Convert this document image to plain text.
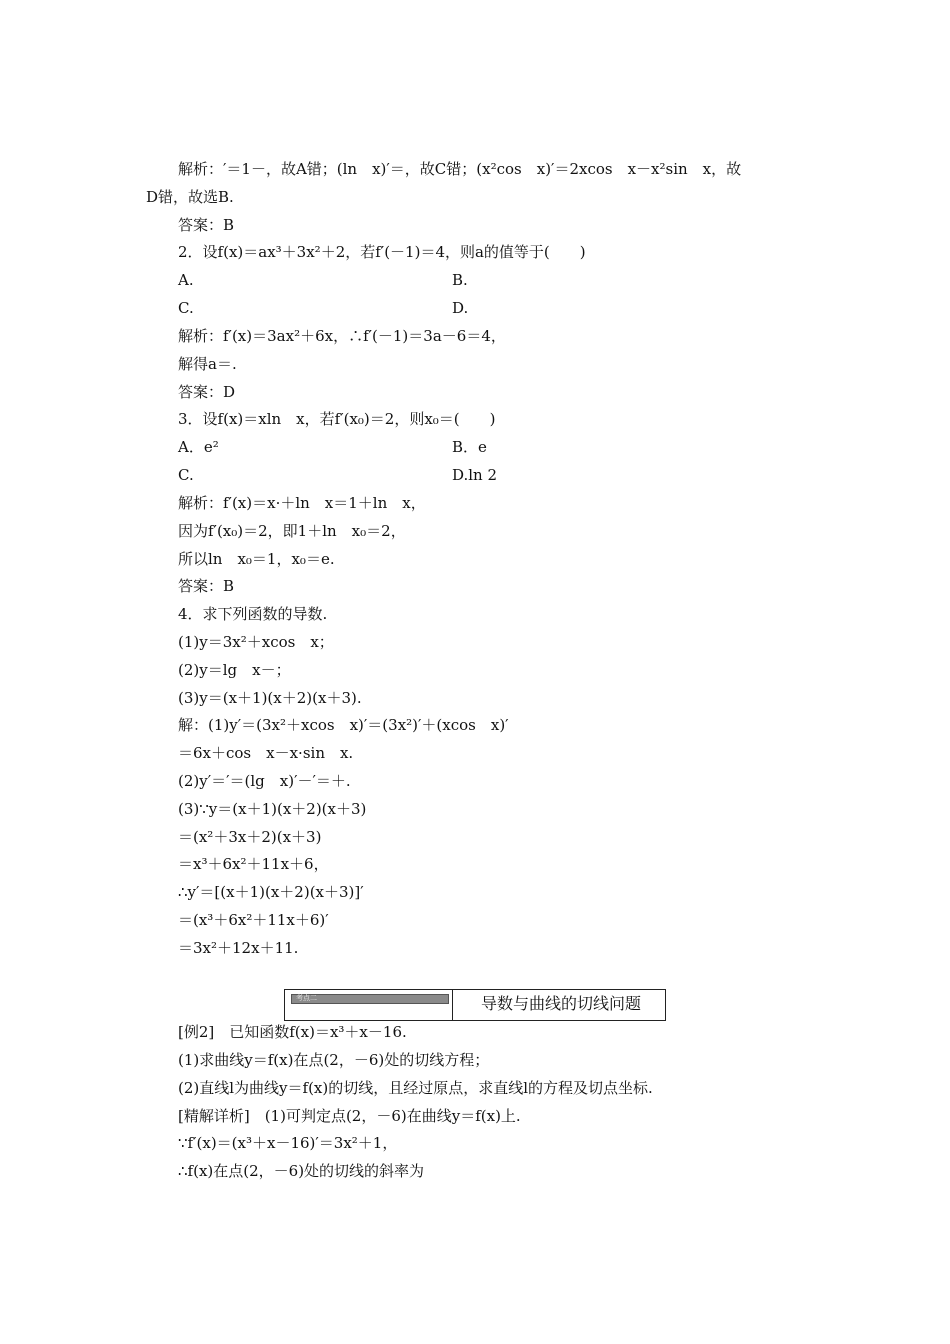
解析：′＝1－，故A错；(ln　x)′＝，故C错；(x²cos　x)′＝2xcos　x－x²sin　x，故
D错，故选B.
答案：B
2．设f(x)＝ax³＋3x²＋2，若f′(－1)＝4，则a的值等于(　　)
A.	B.
C.	D.
解析：f′(x)＝3ax²＋6x，∴f′(－1)＝3a－6＝4，
解得a＝.
答案：D
3．设f(x)＝xln　x，若f′(x₀)＝2，则x₀＝(　　)
A．e²	B．e
C.	D.ln 2
解析：f′(x)＝x·＋ln　x＝1＋ln　x，
因为f′(x₀)＝2，即1＋ln　x₀＝2，
所以ln　x₀＝1，x₀＝e.
答案：B
4．求下列函数的导数.
(1)y＝3x²＋xcos　x；
(2)y＝lg　x－；
(3)y＝(x＋1)(x＋2)(x＋3).
解：(1)y′＝(3x²＋xcos　x)′＝(3x²)′＋(xcos　x)′
＝6x＋cos　x－x·sin　x.
(2)y′＝′＝(lg　x)′－′＝＋.
(3)∵y＝(x＋1)(x＋2)(x＋3)
＝(x²＋3x＋2)(x＋3)
＝x³＋6x²＋11x＋6，
∴y′＝[(x＋1)(x＋2)(x＋3)]′
＝(x³＋6x²＋11x＋6)′
＝3x²＋12x＋11.
考点二	导数与曲线的切线问题
[例2]　已知函数f(x)＝x³＋x－16.
(1)求曲线y＝f(x)在点(2，－6)处的切线方程；
(2)直线l为曲线y＝f(x)的切线，且经过原点，求直线l的方程及切点坐标.
[精解详析]　(1)可判定点(2，－6)在曲线y＝f(x)上.
∵f′(x)＝(x³＋x－16)′＝3x²＋1，
∴f(x)在点(2，－6)处的切线的斜率为
